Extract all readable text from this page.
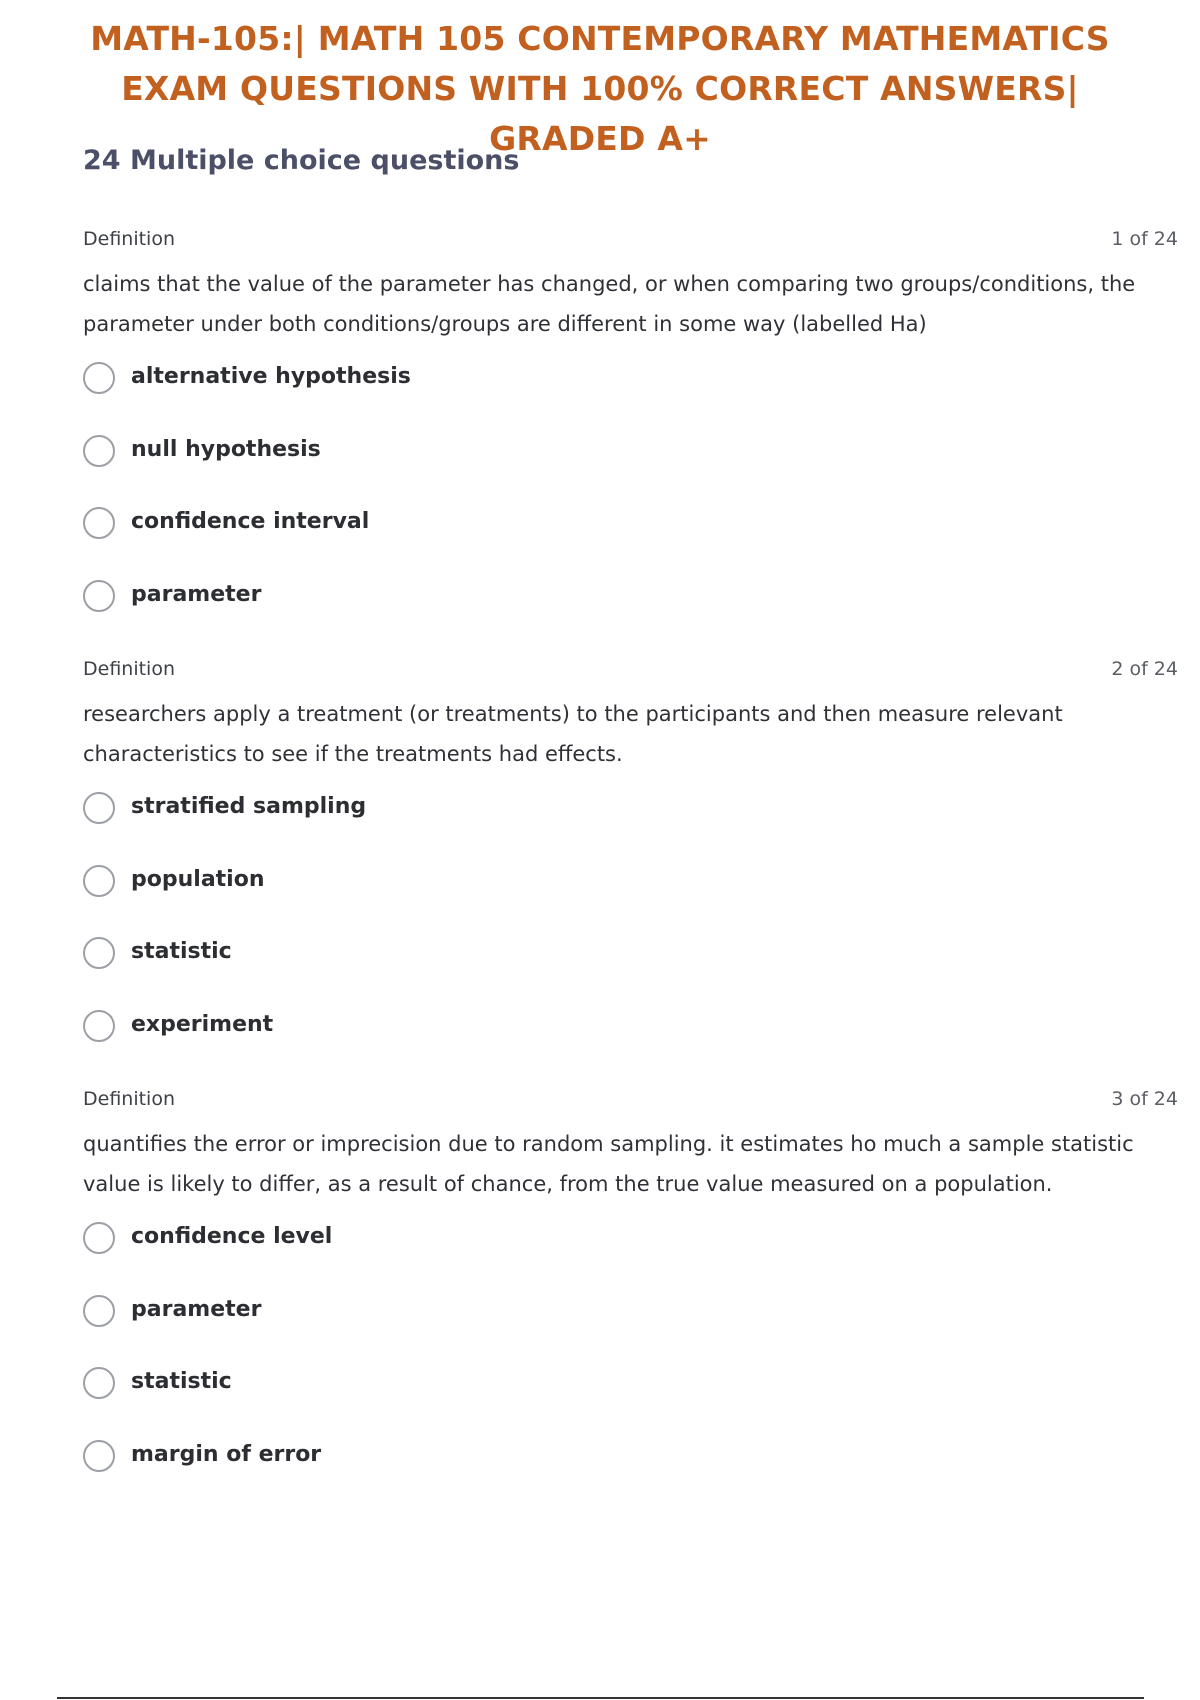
MATH-105:| MATH 105 CONTEMPORARY MATHEMATICS EXAM QUESTIONS WITH 100% CORRECT ANSWERS| GRADED A+
24 Multiple choice questions
Definition	1 of 24
claims that the value of the parameter has changed, or when comparing two groups/conditions, the parameter under both conditions/groups are different in some way (labelled Ha)
alternative hypothesis
null hypothesis
confidence interval
parameter
Definition	2 of 24
researchers apply a treatment (or treatments) to the participants and then measure relevant characteristics to see if the treatments had effects.
stratified sampling
population
statistic
experiment
Definition	3 of 24
quantifies the error or imprecision due to random sampling. it estimates ho much a sample statistic value is likely to differ, as a result of chance, from the true value measured on a population.
confidence level
parameter
statistic
margin of error
